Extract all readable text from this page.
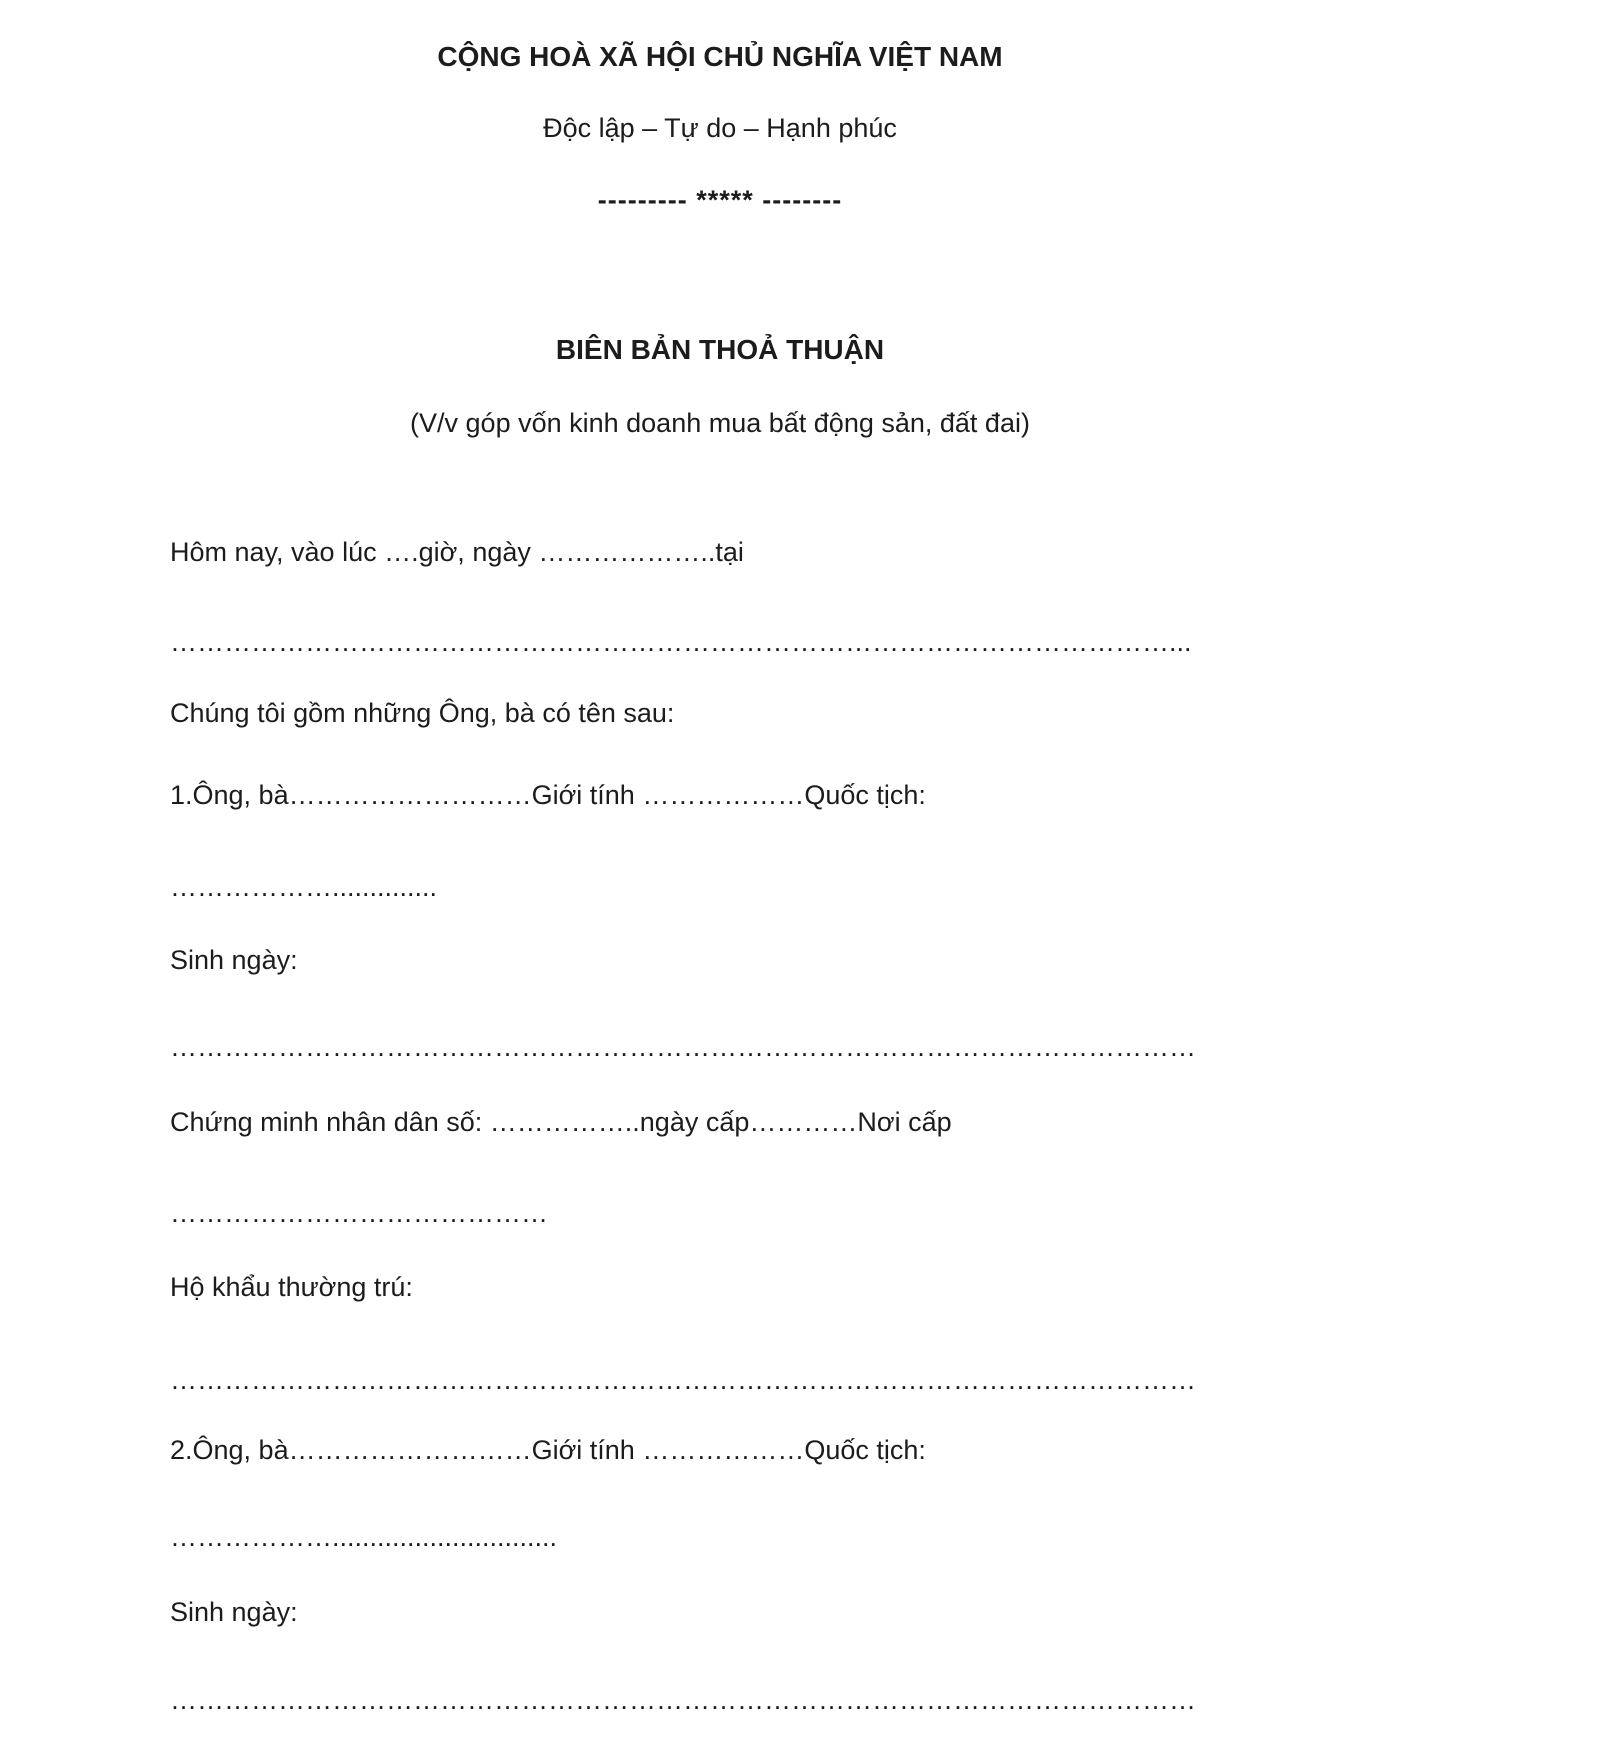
CỘNG HOÀ XÃ HỘI CHỦ NGHĨA VIỆT NAM
Độc lập – Tự do – Hạnh phúc
--------- ***** --------
BIÊN BẢN THOẢ THUẬN
(V/v góp vốn kinh doanh mua bất động sản, đất đai)
Hôm nay, vào lúc ….giờ, ngày ………………..tại
…………………………………………………………………………………………………...
Chúng tôi gồm những Ông, bà có tên sau:
1.Ông, bà………………………Giới tính ………………Quốc tịch:
………………..............
Sinh ngày:
……………………………………………………………………………………………………
Chứng minh nhân dân số: ……………..ngày cấp…………Nơi cấp
……………………………………
Hộ khẩu thường trú:
……………………………………………………………………………………………………
2.Ông, bà………………………Giới tính ………………Quốc tịch:
………………..............................
Sinh ngày:
……………………………………………………………………………………………………
